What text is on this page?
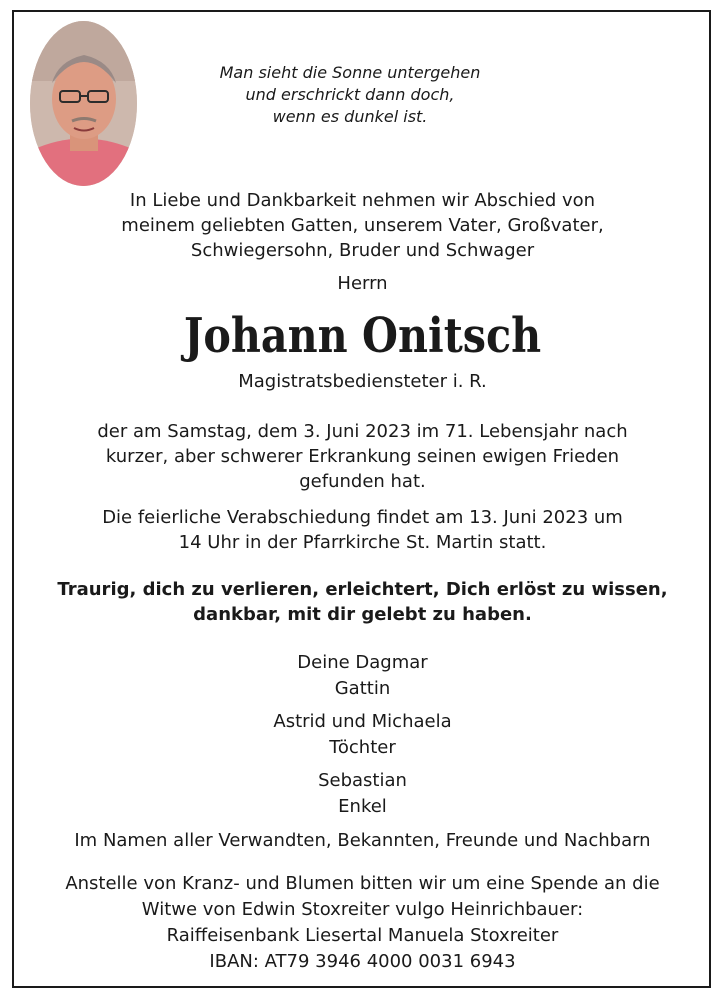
Man sieht die Sonne untergehen
und erschrickt dann doch,
wenn es dunkel ist.
In Liebe und Dankbarkeit nehmen wir Abschied von
meinem geliebten Gatten, unserem Vater, Großvater,
Schwiegersohn, Bruder und Schwager
Herrn
Johann Onitsch
Magistratsbediensteter i. R.
der am Samstag, dem 3. Juni 2023 im 71. Lebensjahr nach
kurzer, aber schwerer Erkrankung seinen ewigen Frieden
gefunden hat.
Die feierliche Verabschiedung findet am 13. Juni 2023 um
14 Uhr in der Pfarrkirche St. Martin statt.
Traurig, dich zu verlieren, erleichtert, Dich erlöst zu wissen,
dankbar, mit dir gelebt zu haben.
Deine Dagmar
Gattin
Astrid und Michaela
Töchter
Sebastian
Enkel
Im Namen aller Verwandten, Bekannten, Freunde und Nachbarn
Anstelle von Kranz- und Blumen bitten wir um eine Spende an die
Witwe von Edwin Stoxreiter vulgo Heinrichbauer:
Raiffeisenbank Liesertal Manuela Stoxreiter
IBAN: AT79 3946 4000 0031 6943
